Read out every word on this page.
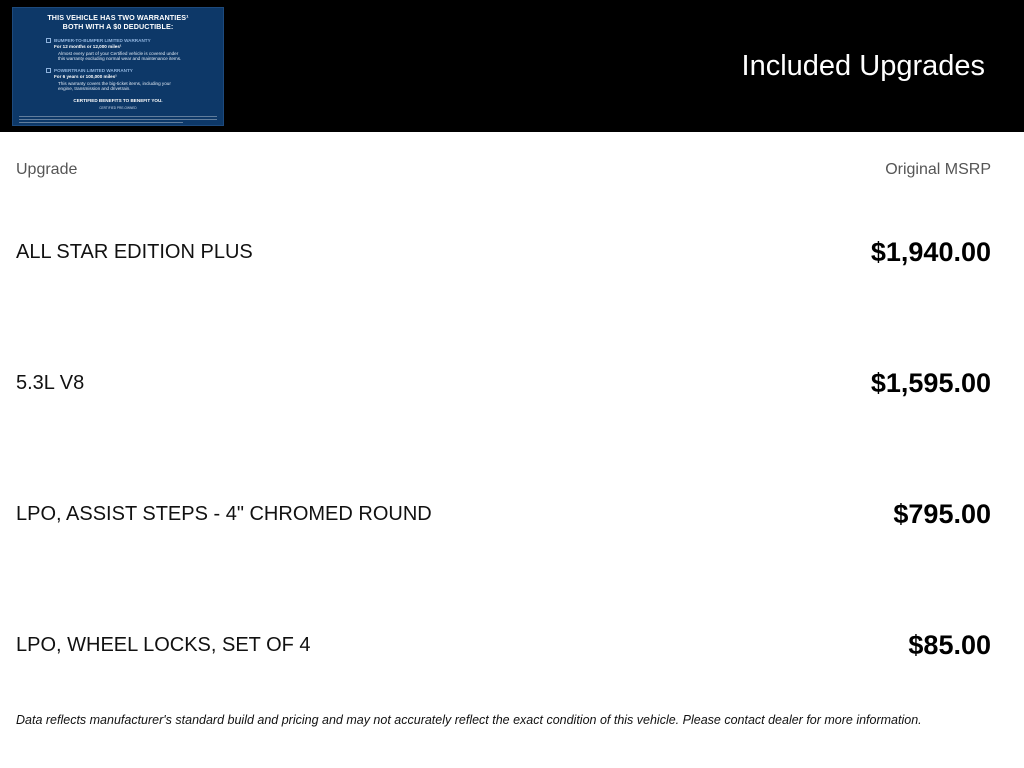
THIS VEHICLE HAS TWO WARRANTIES¹
BOTH WITH A $0 DEDUCTIBLE:
BUMPER-TO-BUMPER LIMITED WARRANTY
For 12 months or 12,000 miles¹
Almost every part of your Certified vehicle is covered under
this warranty excluding normal wear and maintenance items.
POWERTRAIN LIMITED WARRANTY
For 6 years or 100,000 miles¹
This warranty covers the big-ticket items, including your
engine, transmission and drivetrain.
CERTIFIED BENEFITS TO BENEFIT YOU.
CERTIFIED PRE-OWNED
Included Upgrades
Upgrade	Original MSRP
ALL STAR EDITION PLUS	$1,940.00
5.3L V8	$1,595.00
LPO, ASSIST STEPS - 4" CHROMED ROUND	$795.00
LPO, WHEEL LOCKS, SET OF 4	$85.00
Data reflects manufacturer's standard build and pricing and may not accurately reflect the exact condition of this vehicle. Please contact dealer for more information.
